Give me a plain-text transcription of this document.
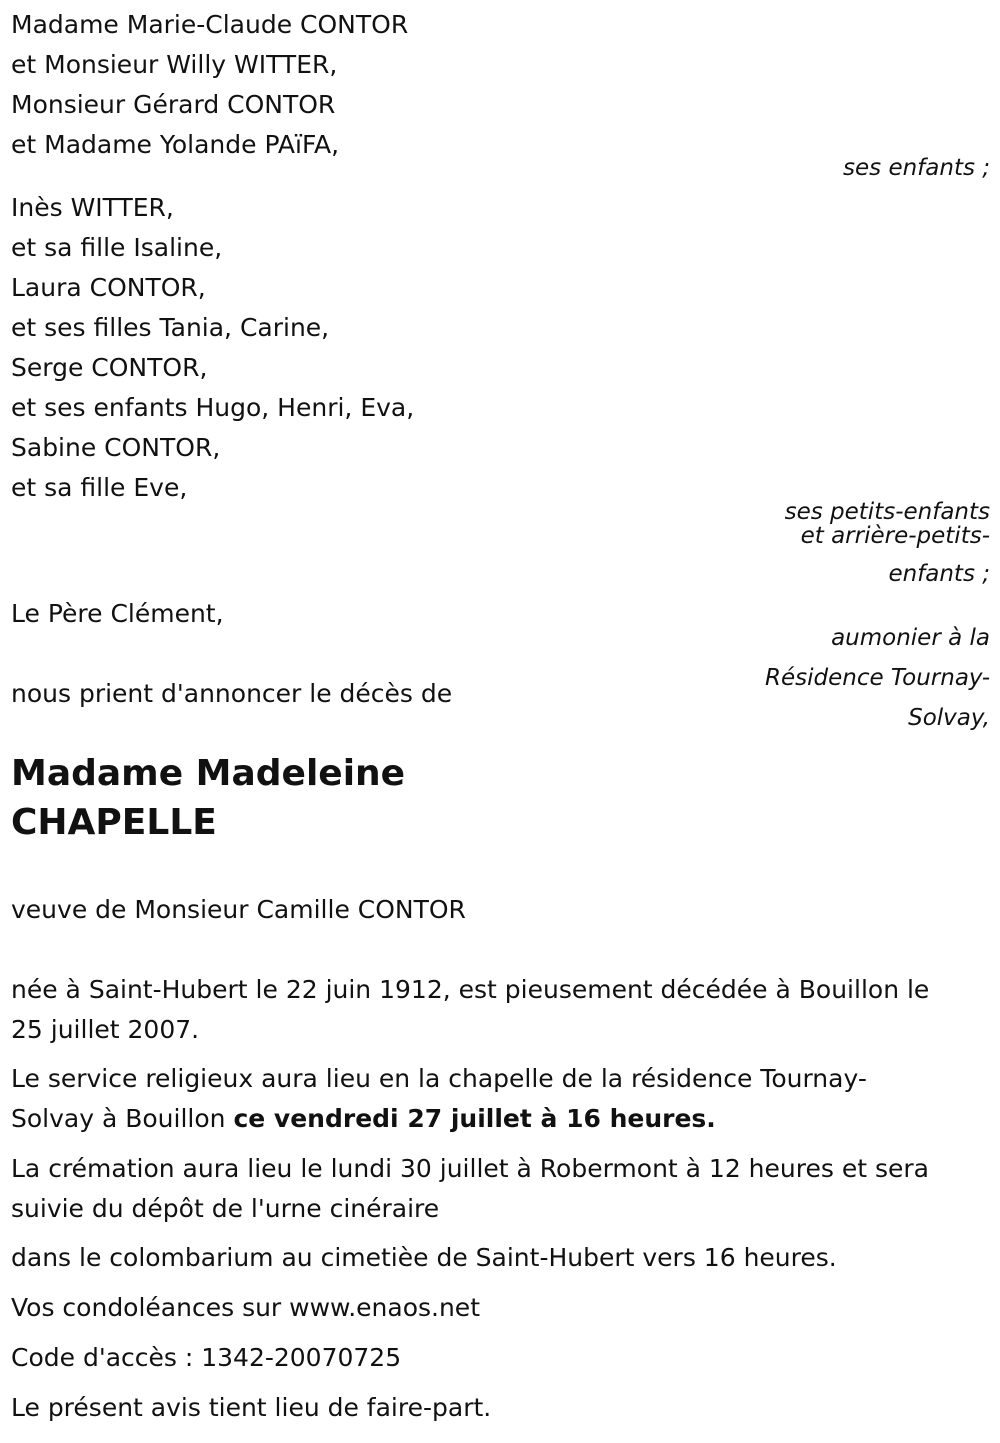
Madame Marie-Claude CONTOR
et Monsieur Willy WITTER,
Monsieur Gérard CONTOR
et Madame Yolande PAïFA,
ses enfants ;
Inès WITTER,
et sa fille Isaline,
Laura CONTOR,
et ses filles Tania, Carine,
Serge CONTOR,
et ses enfants Hugo, Henri, Eva,
Sabine CONTOR,
et sa fille Eve,
ses petits-enfants
et arrière-petits-
enfants ;
Le Père Clément,
aumonier à la
Résidence Tournay-
Solvay,
nous prient d'annoncer le décès de
Madame Madeleine
CHAPELLE
veuve de Monsieur Camille CONTOR
née à Saint-Hubert le 22 juin 1912, est pieusement décédée à Bouillon le
25 juillet 2007.
Le service religieux aura lieu en la chapelle de la résidence Tournay-
Solvay à Bouillon ce vendredi 27 juillet à 16 heures.
La crémation aura lieu le lundi 30 juillet à Robermont à 12 heures et sera
suivie du dépôt de l'urne cinéraire
dans le colombarium au cimetièe de Saint-Hubert vers 16 heures.
Vos condoléances sur www.enaos.net
Code d'accès : 1342-20070725
Le présent avis tient lieu de faire-part.
